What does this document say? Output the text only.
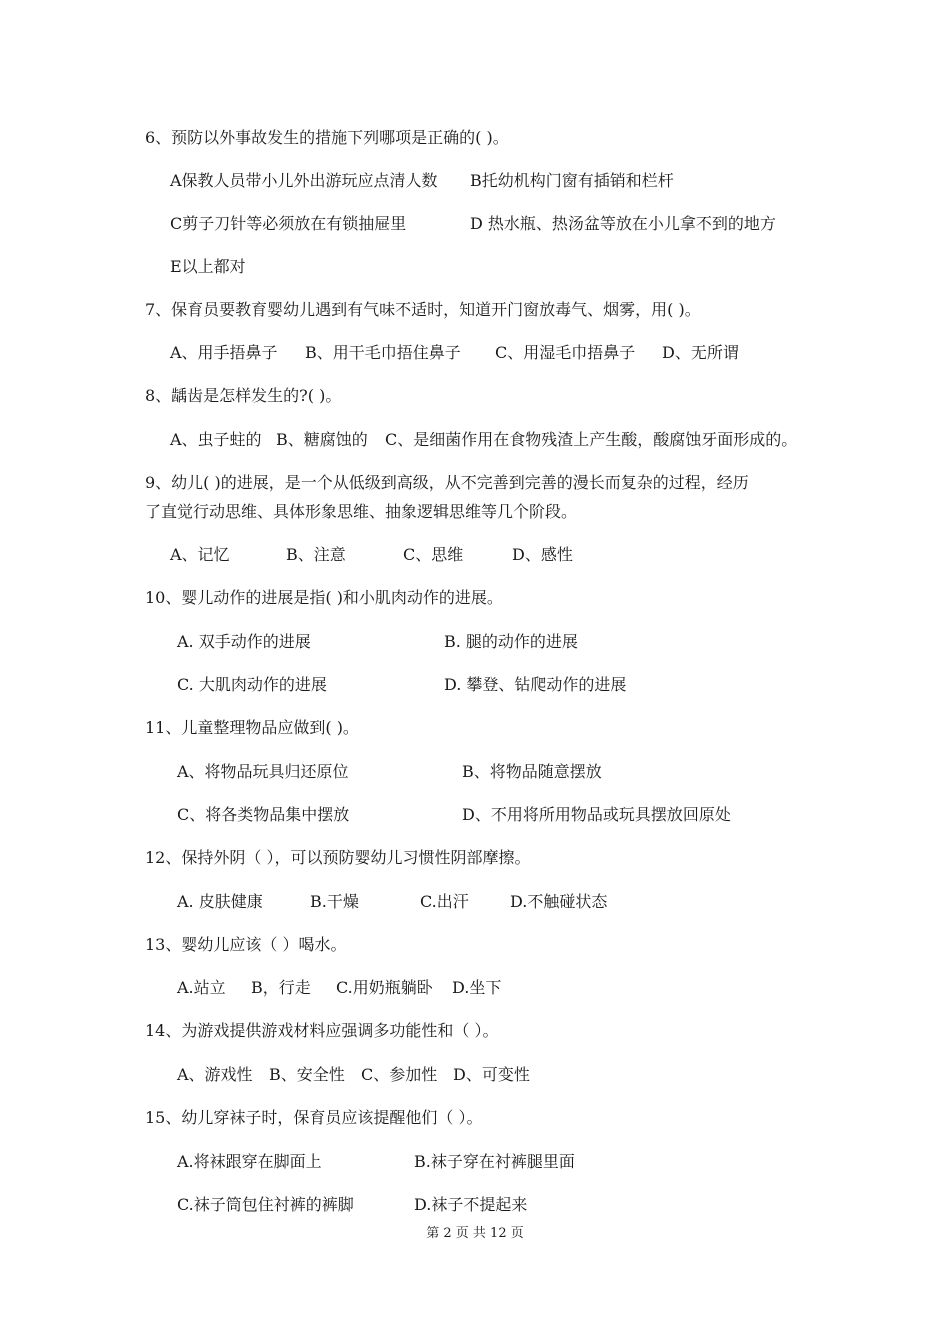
6、预防以外事故发生的措施下列哪项是正确的( )。
A保教人员带小儿外出游玩应点清人数 B托幼机构门窗有插销和栏杆
C剪子刀针等必须放在有锁抽屉里	D 热水瓶、热汤盆等放在小儿拿不到的地方
E以上都对
7、保育员要教育婴幼儿遇到有气味不适时，知道开门窗放毒气、烟雾，用( )。
A、用手捂鼻子 B、用干毛巾捂住鼻子 C、用湿毛巾捂鼻子 D、无所谓
8、龋齿是怎样发生的?( )。
A、虫子蛀的 B、糖腐蚀的 C、是细菌作用在食物残渣上产生酸，酸腐蚀牙面形成的。
9、幼儿( )的进展，是一个从低级到高级，从不完善到完善的漫长而复杂的过程，经历
了直觉行动思维、具体形象思维、抽象逻辑思维等几个阶段。
A、记忆	B、注意	C、思维	D、感性
10、婴儿动作的进展是指( )和小肌肉动作的进展。
A. 双手动作的进展	B. 腿的动作的进展
C. 大肌肉动作的进展	D. 攀登、钻爬动作的进展
11、儿童整理物品应做到( )。
A、将物品玩具归还原位	B、将物品随意摆放
C、将各类物品集中摆放	D、不用将所用物品或玩具摆放回原处
12、保持外阴（ ），可以预防婴幼儿习惯性阴部摩擦。
A. 皮肤健康	B.干燥	C.出汗	D.不触碰状态
13、婴幼儿应该（ ）喝水。
A.站立 B，行走 C.用奶瓶躺卧 D.坐下
14、为游戏提供游戏材料应强调多功能性和（ ）。
A、游戏性 B、安全性 C、参加性 D、可变性
15、幼儿穿袜子时，保育员应该提醒他们（ ）。
A.将袜跟穿在脚面上	B.袜子穿在衬裤腿里面
C.袜子筒包住衬裤的裤脚	D.袜子不提起来
第 2 页 共 12 页
